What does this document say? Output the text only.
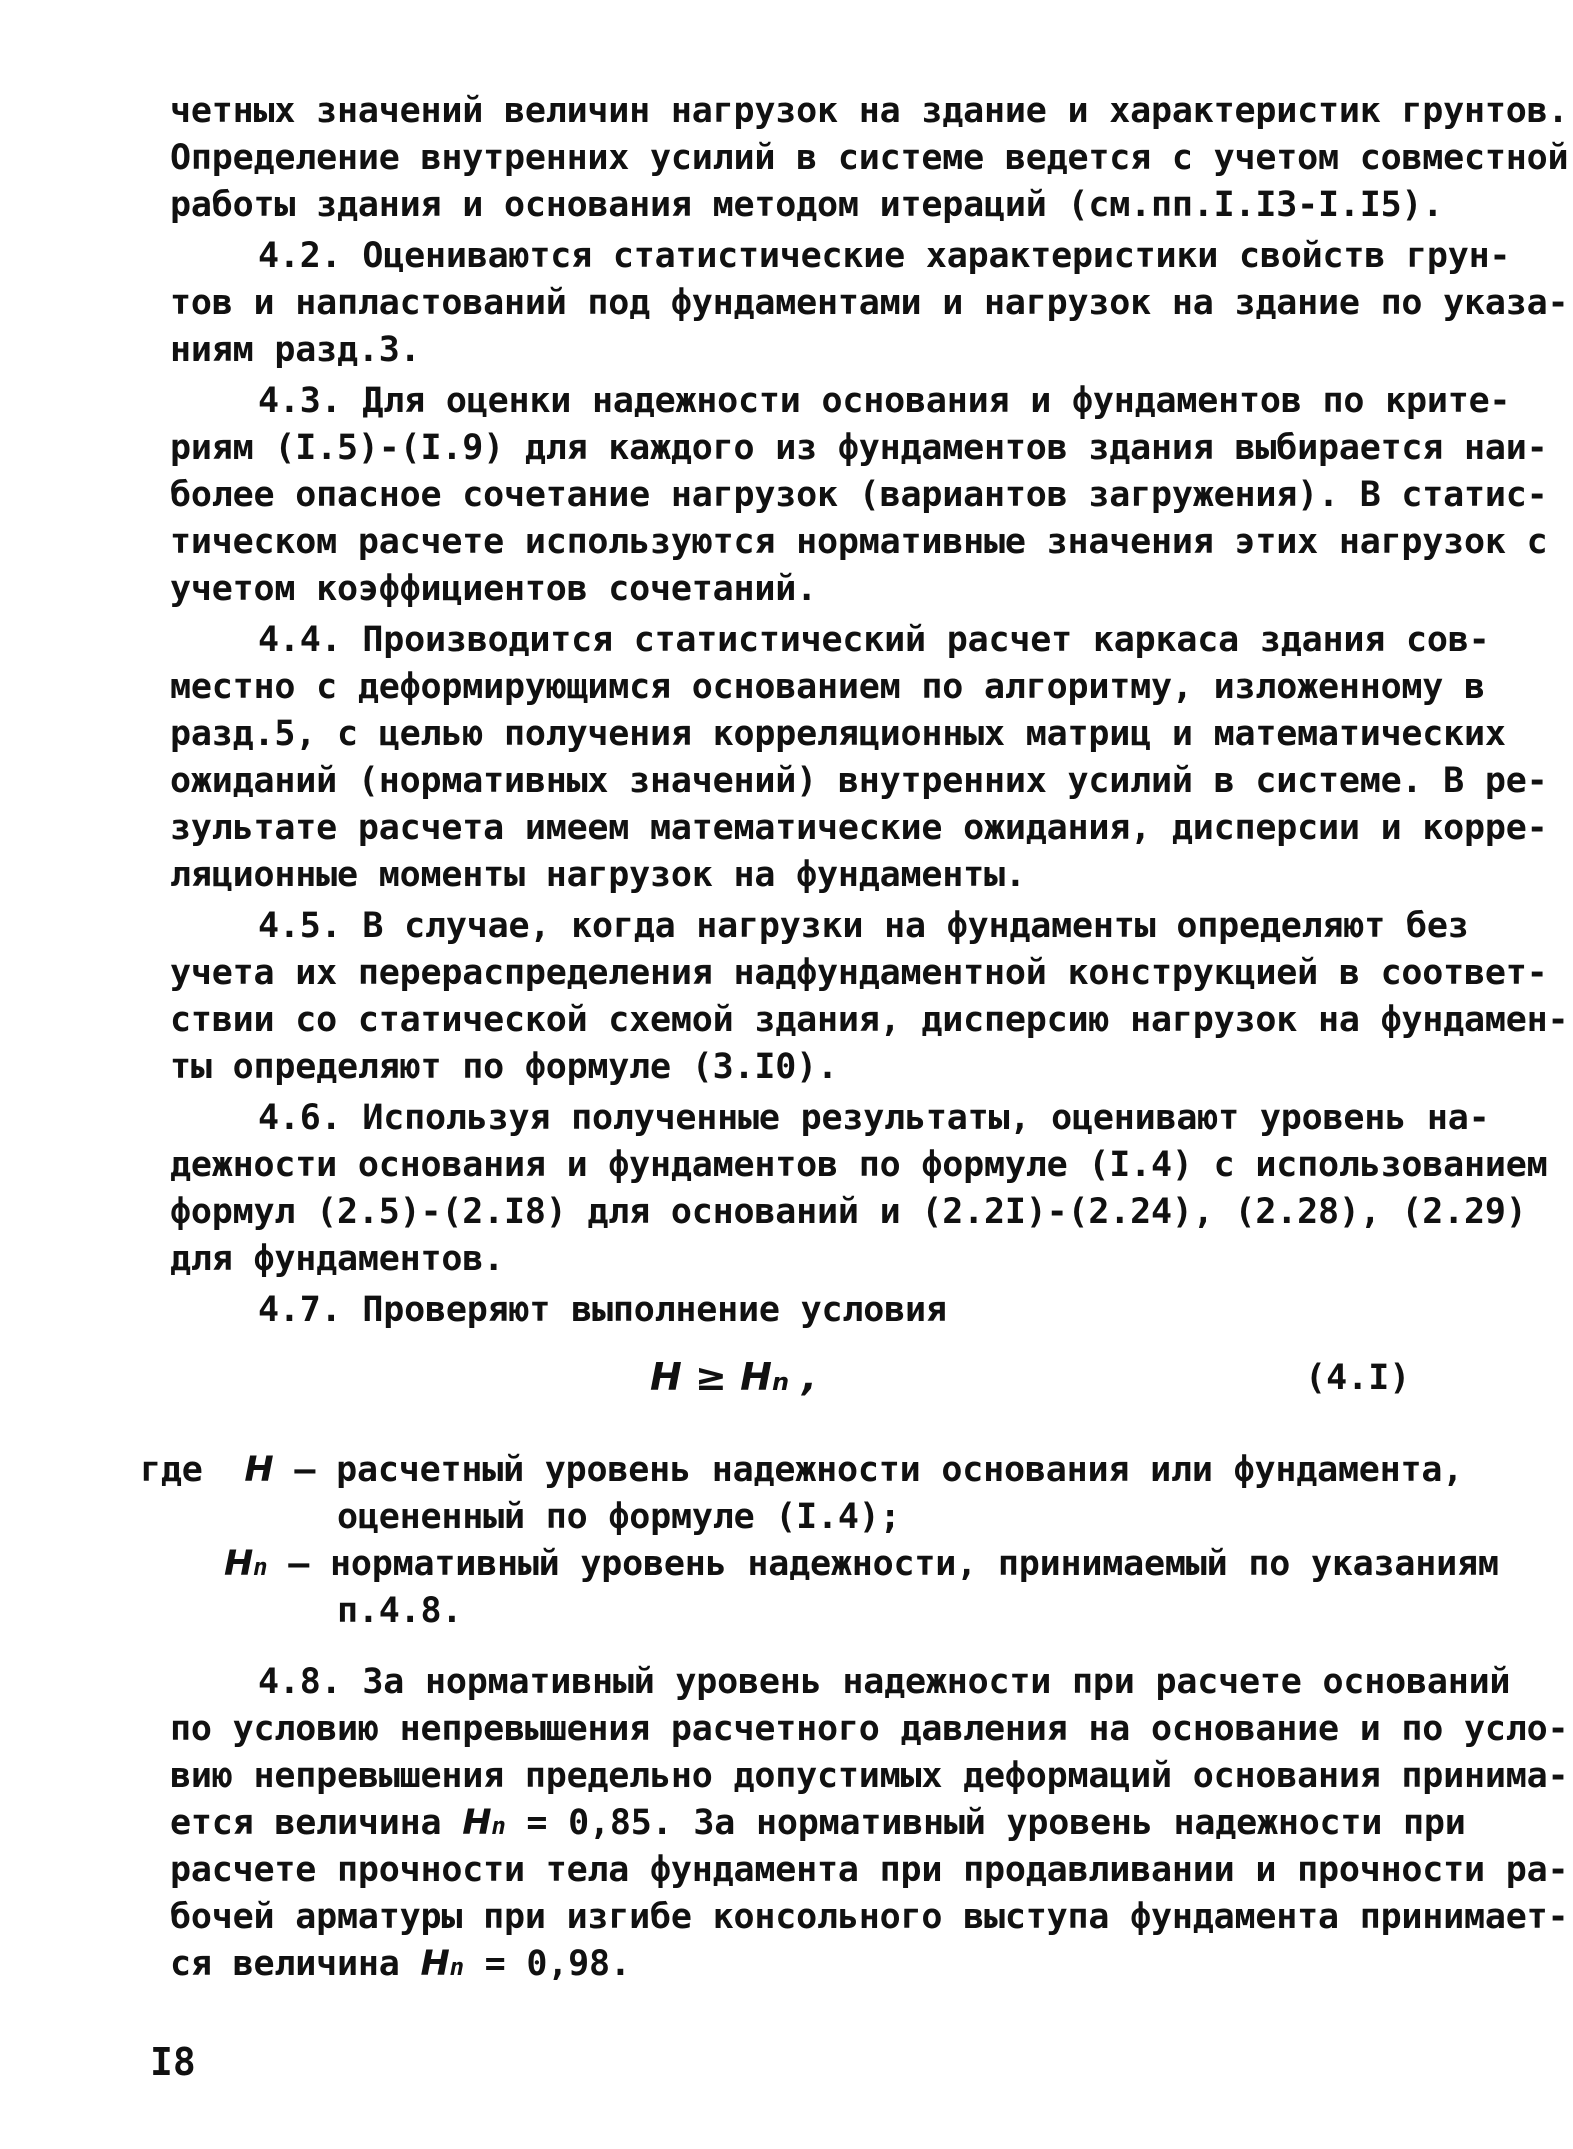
четных значений величин нагрузок на здание и характеристик грунтов.
Определение внутренних усилий в системе ведется с учетом совместной
работы здания и основания методом итераций (см.пп.I.I3-I.I5).
4.2. Оцениваются статистические характеристики свойств грун-
тов и напластований под фундаментами и нагрузок на здание по указа-
ниям разд.3.
4.3. Для оценки надежности основания и фундаментов по крите-
риям (I.5)-(I.9) для каждого из фундаментов здания выбирается наи-
более опасное сочетание нагрузок (вариантов загружения). В статис-
тическом расчете используются нормативные значения этих нагрузок с
учетом коэффициентов сочетаний.
4.4. Производится статистический расчет каркаса здания сов-
местно с деформирующимся основанием по алгоритму, изложенному в
разд.5, с целью получения корреляционных матриц и математических
ожиданий (нормативных значений) внутренних усилий в системе. В ре-
зультате расчета имеем математические ожидания, дисперсии и корре-
ляционные моменты нагрузок на фундаменты.
4.5. В случае, когда нагрузки на фундаменты определяют без
учета их перераспределения надфундаментной конструкцией в соответ-
ствии со статической схемой здания, дисперсию нагрузок на фундамен-
ты определяют по формуле (3.I0).
4.6. Используя полученные результаты, оценивают уровень на-
дежности основания и фундаментов по формуле (I.4) с использованием
формул (2.5)-(2.I8) для оснований и (2.2I)-(2.24), (2.28), (2.29)
для фундаментов.
4.7. Проверяют выполнение условия
H ≥ Hn ,	(4.I)
где H – расчетный уровень надежности основания или фундамента,
оцененный по формуле (I.4);
Hn – нормативный уровень надежности, принимаемый по указаниям
п.4.8.
4.8. За нормативный уровень надежности при расчете оснований
по условию непревышения расчетного давления на основание и по усло-
вию непревышения предельно допустимых деформаций основания принима-
ется величина Hn = 0,85. За нормативный уровень надежности при
расчете прочности тела фундамента при продавливании и прочности ра-
бочей арматуры при изгибе консольного выступа фундамента принимает-
ся величина Hn = 0,98.
I8
